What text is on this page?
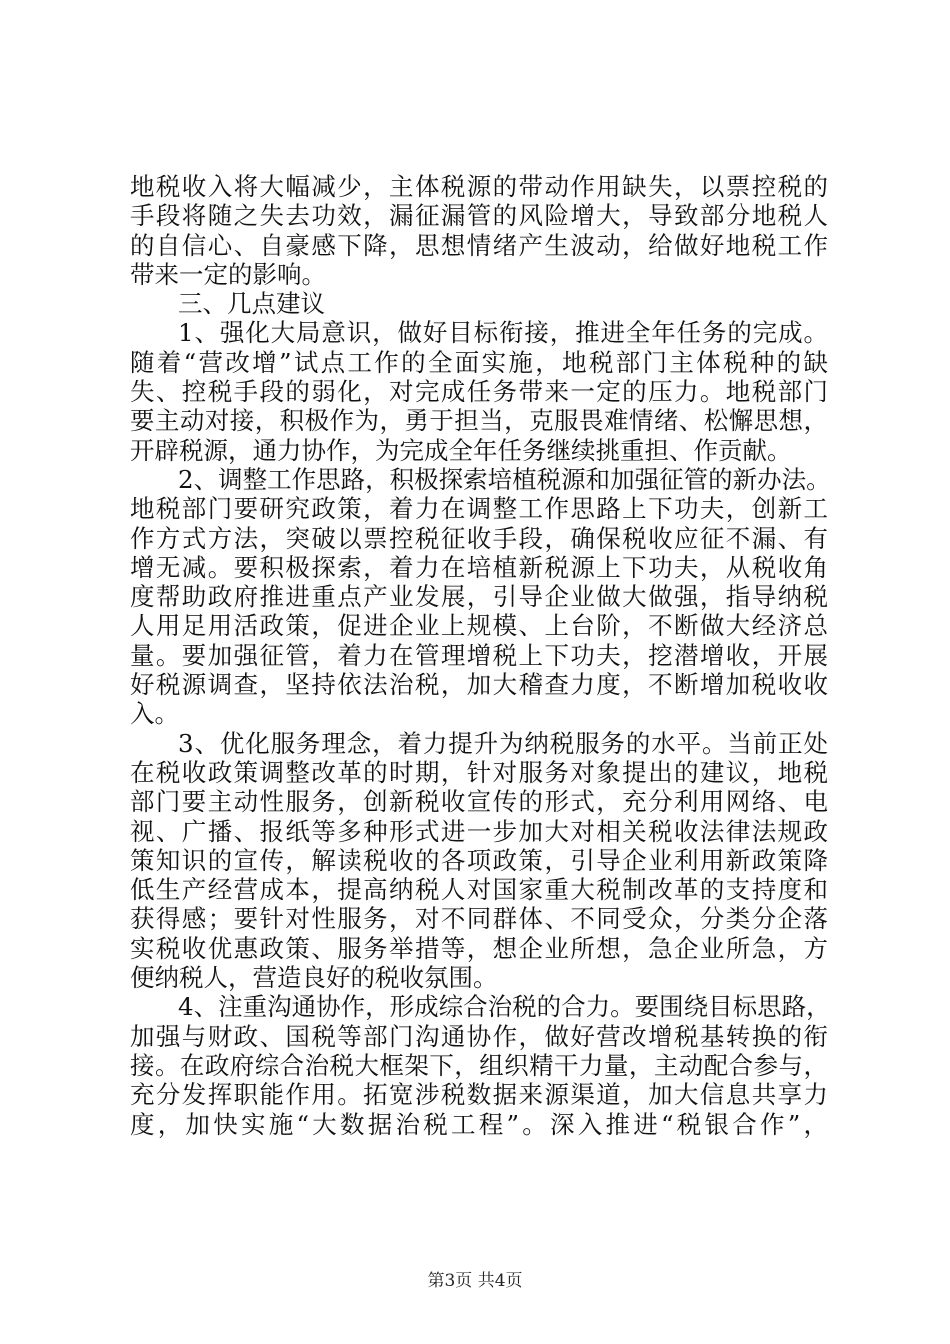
地税收入将大幅减少，主体税源的带动作用缺失，以票控税的
手段将随之失去功效，漏征漏管的风险增大，导致部分地税人
的自信心、自豪感下降，思想情绪产生波动，给做好地税工作
带来一定的影响。
三、几点建议
1、强化大局意识，做好目标衔接，推进全年任务的完成。
随着“营改增”试点工作的全面实施，地税部门主体税种的缺
失、控税手段的弱化，对完成任务带来一定的压力。地税部门
要主动对接，积极作为，勇于担当，克服畏难情绪、松懈思想，
开辟税源，通力协作，为完成全年任务继续挑重担、作贡献。
2、调整工作思路，积极探索培植税源和加强征管的新办法。
地税部门要研究政策，着力在调整工作思路上下功夫，创新工
作方式方法，突破以票控税征收手段，确保税收应征不漏、有
增无减。要积极探索，着力在培植新税源上下功夫，从税收角
度帮助政府推进重点产业发展，引导企业做大做强，指导纳税
人用足用活政策，促进企业上规模、上台阶，不断做大经济总
量。要加强征管，着力在管理增税上下功夫，挖潜增收，开展
好税源调查，坚持依法治税，加大稽查力度，不断增加税收收
入。
3、优化服务理念，着力提升为纳税服务的水平。当前正处
在税收政策调整改革的时期，针对服务对象提出的建议，地税
部门要主动性服务，创新税收宣传的形式，充分利用网络、电
视、广播、报纸等多种形式进一步加大对相关税收法律法规政
策知识的宣传，解读税收的各项政策，引导企业利用新政策降
低生产经营成本，提高纳税人对国家重大税制改革的支持度和
获得感；要针对性服务，对不同群体、不同受众，分类分企落
实税收优惠政策、服务举措等，想企业所想，急企业所急，方
便纳税人，营造良好的税收氛围。
4、注重沟通协作，形成综合治税的合力。要围绕目标思路，
加强与财政、国税等部门沟通协作，做好营改增税基转换的衔
接。在政府综合治税大框架下，组织精干力量，主动配合参与，
充分发挥职能作用。拓宽涉税数据来源渠道，加大信息共享力
度，加快实施“大数据治税工程”。深入推进“税银合作”，
第3页 共4页
